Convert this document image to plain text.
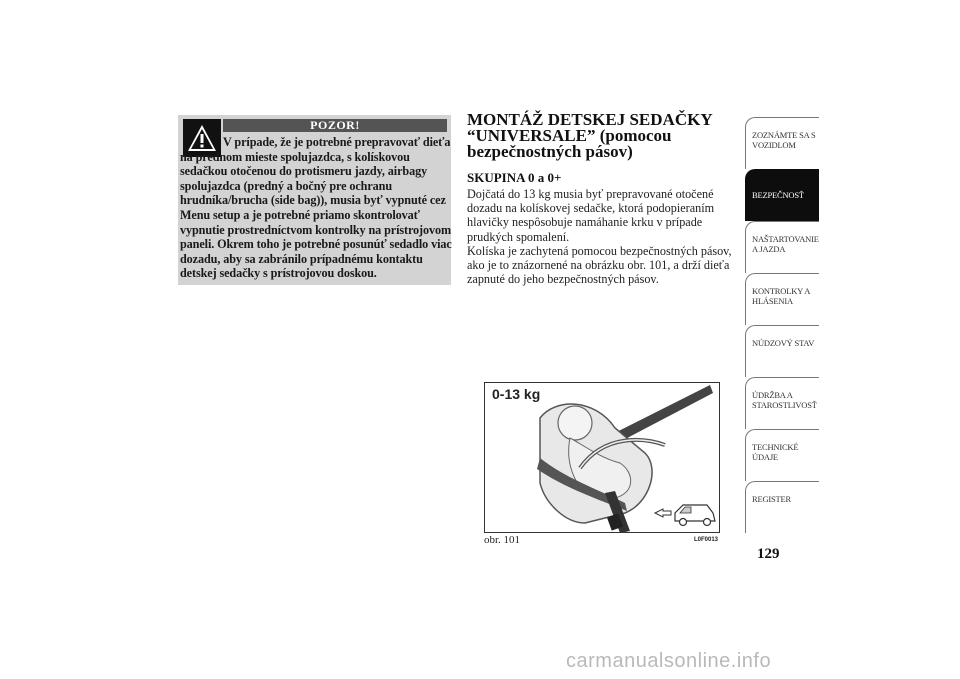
POZOR!
V prípade, že je potrebné prepravovať dieťa na prednom mieste spolujazdca, s kolískovou sedačkou otočenou do protismeru jazdy, airbagy spolujazdca (predný a bočný pre ochranu hrudníka/brucha (side bag)), musia byť vypnuté cez Menu setup a je potrebné priamo skontrolovať vypnutie prostredníctvom kontrolky na prístrojovom paneli. Okrem toho je potrebné posunúť sedadlo viac dozadu, aby sa zabránilo prípadnému kontaktu detskej sedačky s prístrojovou doskou.
MONTÁŽ DETSKEJ SEDAČKY “UNIVERSALE” (pomocou bezpečnostných pásov)
SKUPINA 0 a 0+
Dojčatá do 13 kg musia byť prepravované otočené dozadu na kolískovej sedačke, ktorá podopieraním hlavičky nespôsobuje namáhanie krku v prípade prudkých spomalení.
Kolíska je zachytená pomocou bezpečnostných pásov, ako je to znázornené na obrázku obr. 101, a drží dieťa zapnuté do jeho bezpečnostných pásov.
0-13 kg
obr. 101	L0F0013
ZOZNÁMTE SA S VOZIDLOM
BEZPEČNOSŤ
NAŠTARTOVANIE A JAZDA
KONTROLKY A HLÁSENIA
NÚDZOVÝ STAV
ÚDRŽBA A STAROSTLIVOSŤ
TECHNICKÉ ÚDAJE
REGISTER
129
carmanualsonline.info
